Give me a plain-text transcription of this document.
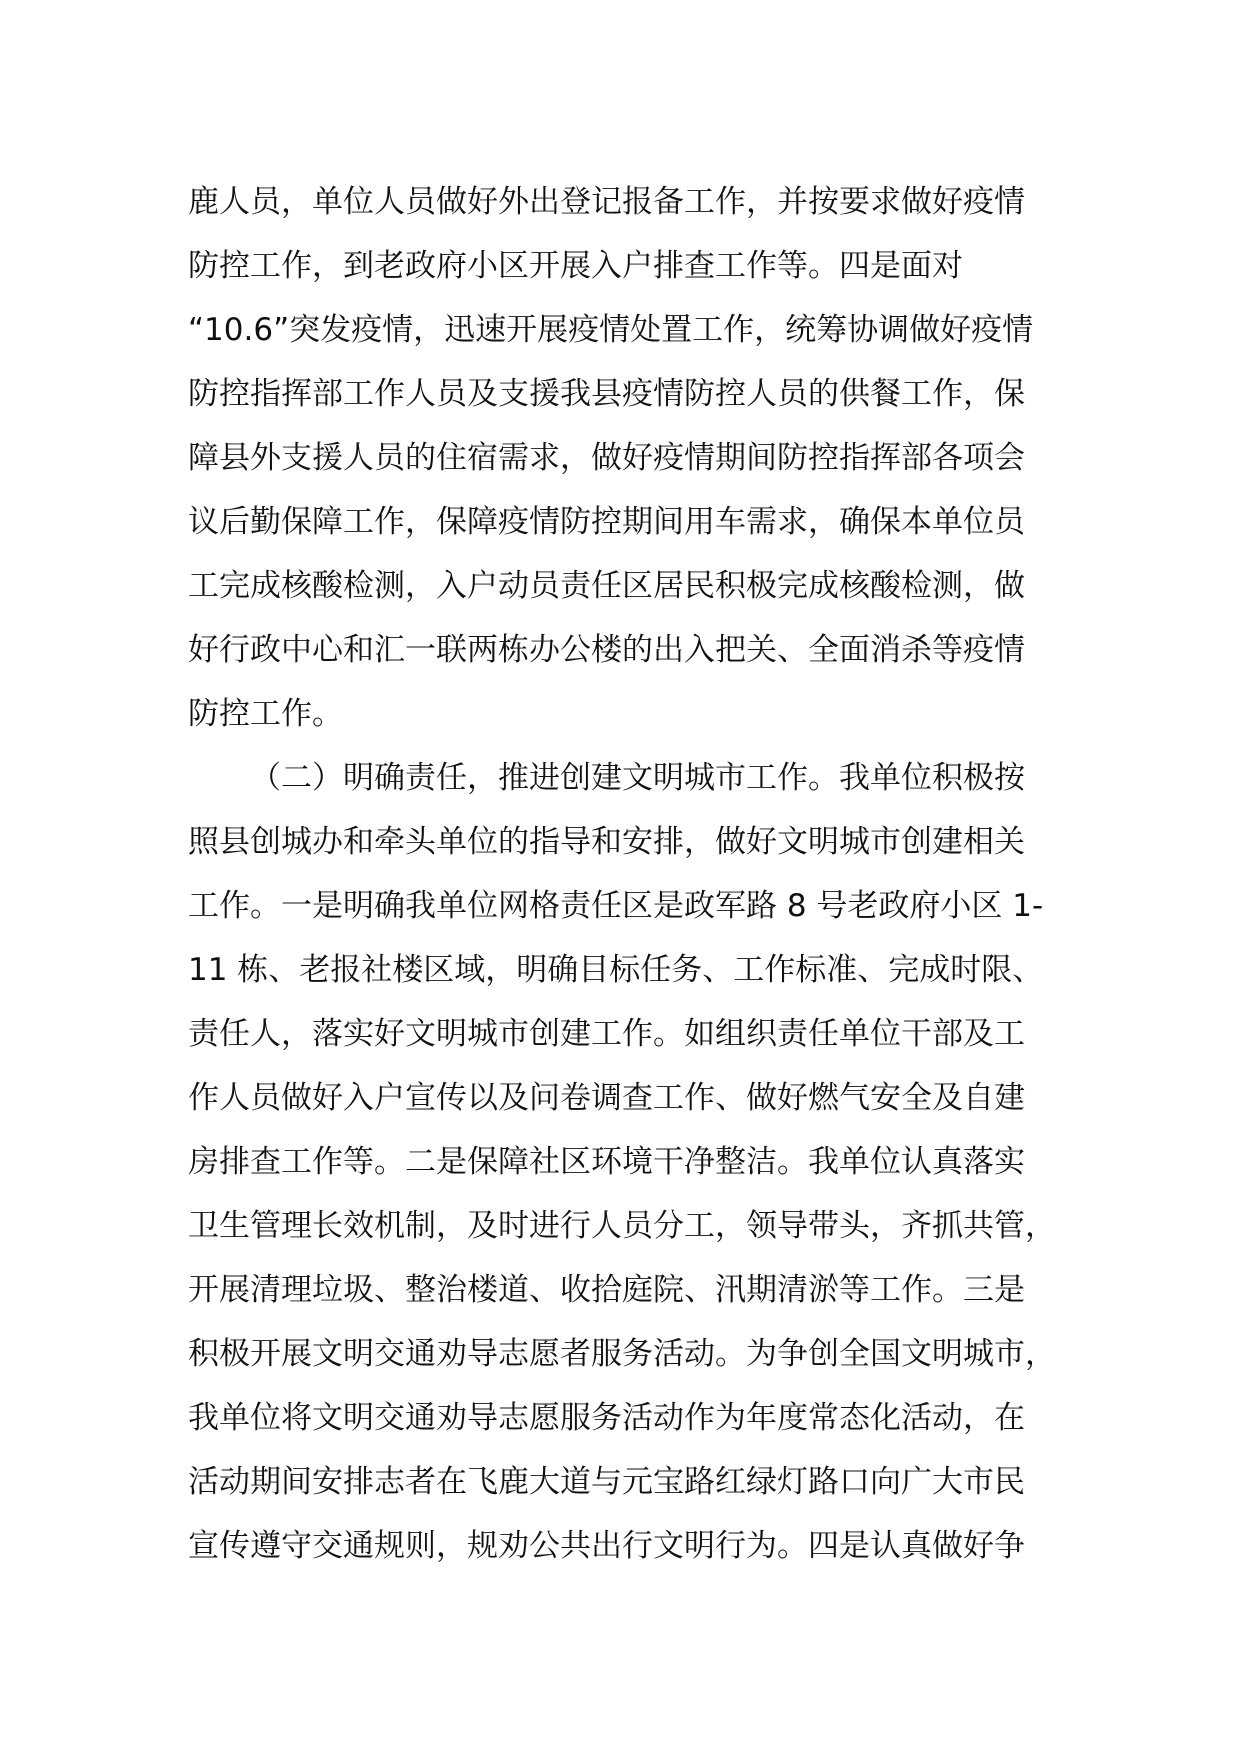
鹿人员，单位人员做好外出登记报备工作，并按要求做好疫情
防控工作，到老政府小区开展入户排查工作等。四是面对
“10.6”突发疫情，迅速开展疫情处置工作，统筹协调做好疫情
防控指挥部工作人员及支援我县疫情防控人员的供餐工作，保
障县外支援人员的住宿需求，做好疫情期间防控指挥部各项会
议后勤保障工作，保障疫情防控期间用车需求，确保本单位员
工完成核酸检测，入户动员责任区居民积极完成核酸检测，做
好行政中心和汇一联两栋办公楼的出入把关、全面消杀等疫情
防控工作。
（二）明确责任，推进创建文明城市工作。我单位积极按
照县创城办和牵头单位的指导和安排，做好文明城市创建相关
工作。一是明确我单位网格责任区是政军路 8 号老政府小区 1-
11 栋、老报社楼区域，明确目标任务、工作标准、完成时限、
责任人，落实好文明城市创建工作。如组织责任单位干部及工
作人员做好入户宣传以及问卷调查工作、做好燃气安全及自建
房排查工作等。二是保障社区环境干净整洁。我单位认真落实
卫生管理长效机制，及时进行人员分工，领导带头，齐抓共管，
开展清理垃圾、整治楼道、收拾庭院、汛期清淤等工作。三是
积极开展文明交通劝导志愿者服务活动。为争创全国文明城市，
我单位将文明交通劝导志愿服务活动作为年度常态化活动，在
活动期间安排志者在飞鹿大道与元宝路红绿灯路口向广大市民
宣传遵守交通规则，规劝公共出行文明行为。四是认真做好争
